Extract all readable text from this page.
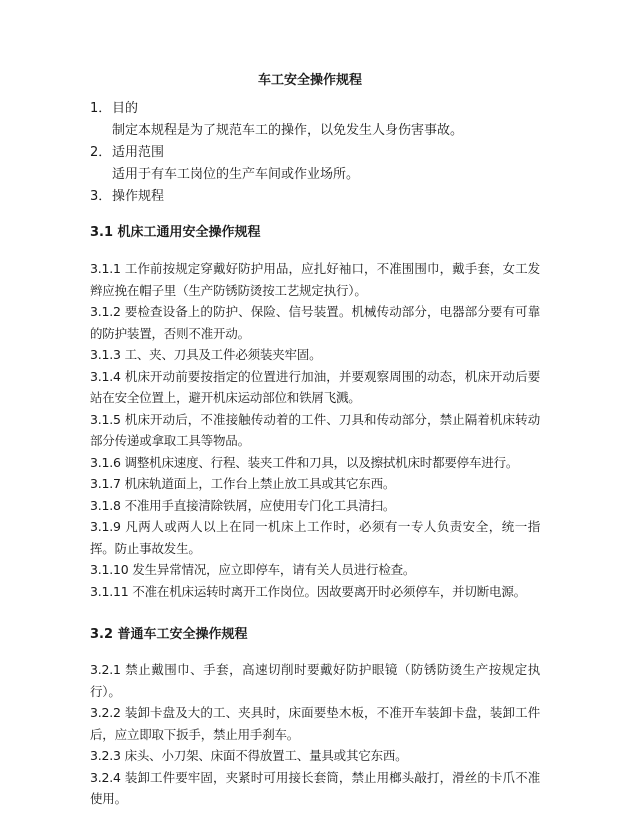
车工安全操作规程
1． 目的
制定本规程是为了规范车工的操作，以免发生人身伤害事故。
2． 适用范围
适用于有车工岗位的生产车间或作业场所。
3． 操作规程
3.1 机床工通用安全操作规程

3.1.1 工作前按规定穿戴好防护用品，应扎好袖口，不准围围巾，戴手套，女工发辫应挽在帽子里（生产防锈防烫按工艺规定执行）。

3.1.2 要检查设备上的防护、保险、信号装置。机械传动部分，电器部分要有可靠的防护装置，否则不准开动。

3.1.3 工、夹、刀具及工件必须装夹牢固。

3.1.4 机床开动前要按指定的位置进行加油，并要观察周围的动态，机床开动后要站在安全位置上，避开机床运动部位和铁屑飞溅。

3.1.5 机床开动后，不准接触传动着的工件、刀具和传动部分，禁止隔着机床转动部分传递或拿取工具等物品。

3.1.6 调整机床速度、行程、装夹工件和刀具，以及擦拭机床时都要停车进行。

3.1.7 机床轨道面上，工作台上禁止放工具或其它东西。

3.1.8 不准用手直接清除铁屑，应使用专门化工具清扫。

3.1.9 凡两人或两人以上在同一机床上工作时，必须有一专人负责安全，统一指挥。防止事故发生。

3.1.10 发生异常情况，应立即停车，请有关人员进行检查。

3.1.11 不准在机床运转时离开工作岗位。因故要离开时必须停车，并切断电源。

3.2 普通车工安全操作规程

3.2.1 禁止戴围巾、手套，高速切削时要戴好防护眼镜（防锈防烫生产按规定执行）。

3.2.2 装卸卡盘及大的工、夹具时，床面要垫木板，不准开车装卸卡盘，装卸工件后，应立即取下扳手，禁止用手刹车。

3.2.3 床头、小刀架、床面不得放置工、量具或其它东西。

3.2.4 装卸工件要牢固，夹紧时可用接长套筒，禁止用榔头敲打，滑丝的卡爪不准使用。
